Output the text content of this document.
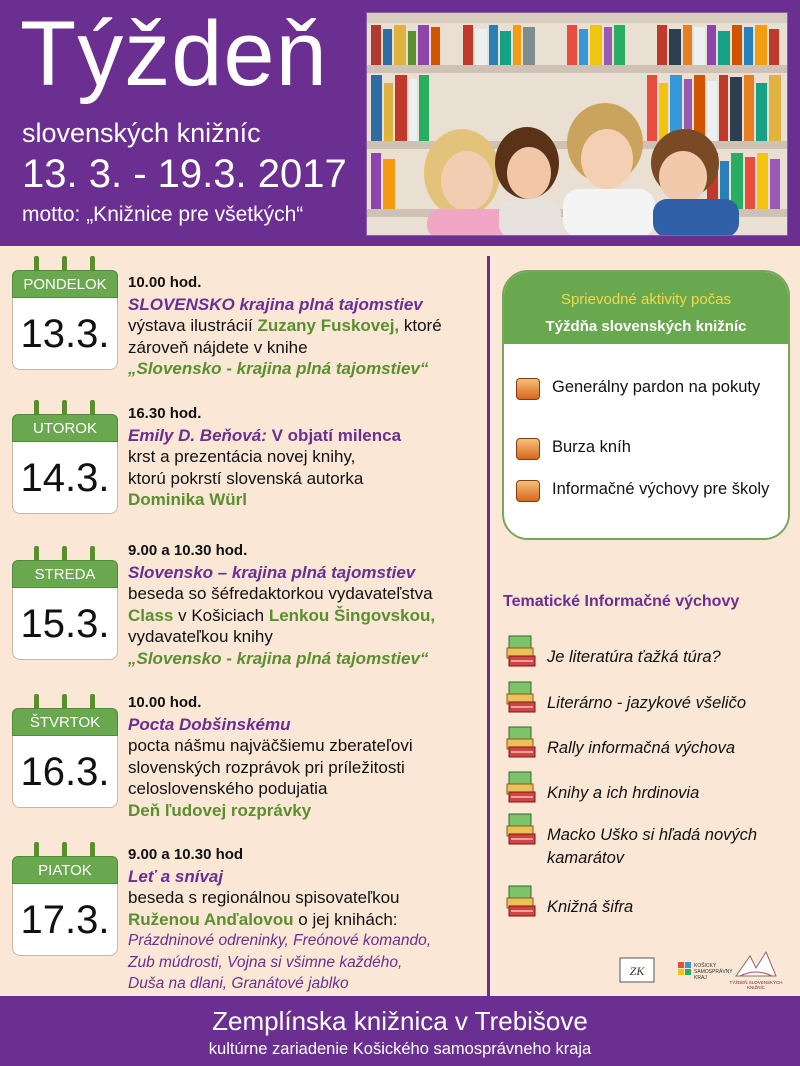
Týždeň
slovenských knižníc
13. 3. - 19.3. 2017
motto: „Knižnice pre všetkých“
PONDELOK
13.3.
10.00 hod.
SLOVENSKO krajina plná tajomstiev
výstava ilustrácií Zuzany Fuskovej, ktoré
zároveň nájdete v knihe
„Slovensko - krajina plná tajomstiev“
UTOROK
14.3.
16.30 hod.
Emily D. Beňová: V objatí milenca
krst a prezentácia novej knihy,
ktorú pokrstí slovenská autorka
Dominika Würl
STREDA
15.3.
9.00 a 10.30 hod.
Slovensko – krajina plná tajomstiev
beseda so šéfredaktorkou vydavateľstva
Class v Košiciach Lenkou Šingovskou,
vydavateľkou knihy
„Slovensko - krajina plná tajomstiev“
ŠTVRTOK
16.3.
10.00 hod.
Pocta Dobšinskému
pocta nášmu najväčšiemu zberateľovi
slovenských rozprávok pri príležitosti
celoslovenského podujatia
Deň ľudovej rozprávky
PIATOK
17.3.
9.00 a 10.30 hod
Leť a snívaj
beseda s regionálnou spisovateľkou
Ruženou Anďalovou o jej knihách:
Prázdninové odreninky, Freónové komando,
Zub múdrosti, Vojna si všimne každého,
Duša na dlani, Granátové jablko
Sprievodné aktivity počas
Týždňa slovenských knižníc
Generálny pardon na pokuty
Burza kníh
Informačné výchovy pre školy
Tematické Informačné výchovy
Je literatúra ťažká túra?
Literárno - jazykové všeličo
Rally informačná výchova
Knihy a ich hrdinovia
Macko Uško si hľadá nových kamarátov
Knižná šifra
ZK	KOŠICKÝ
SAMOSPRÁVNY
KRAJ
TÝŽDEŇ SLOVENSKÝCH
KNIŽNÍC
Zemplínska knižnica v Trebišove
kultúrne zariadenie Košického samosprávneho kraja
